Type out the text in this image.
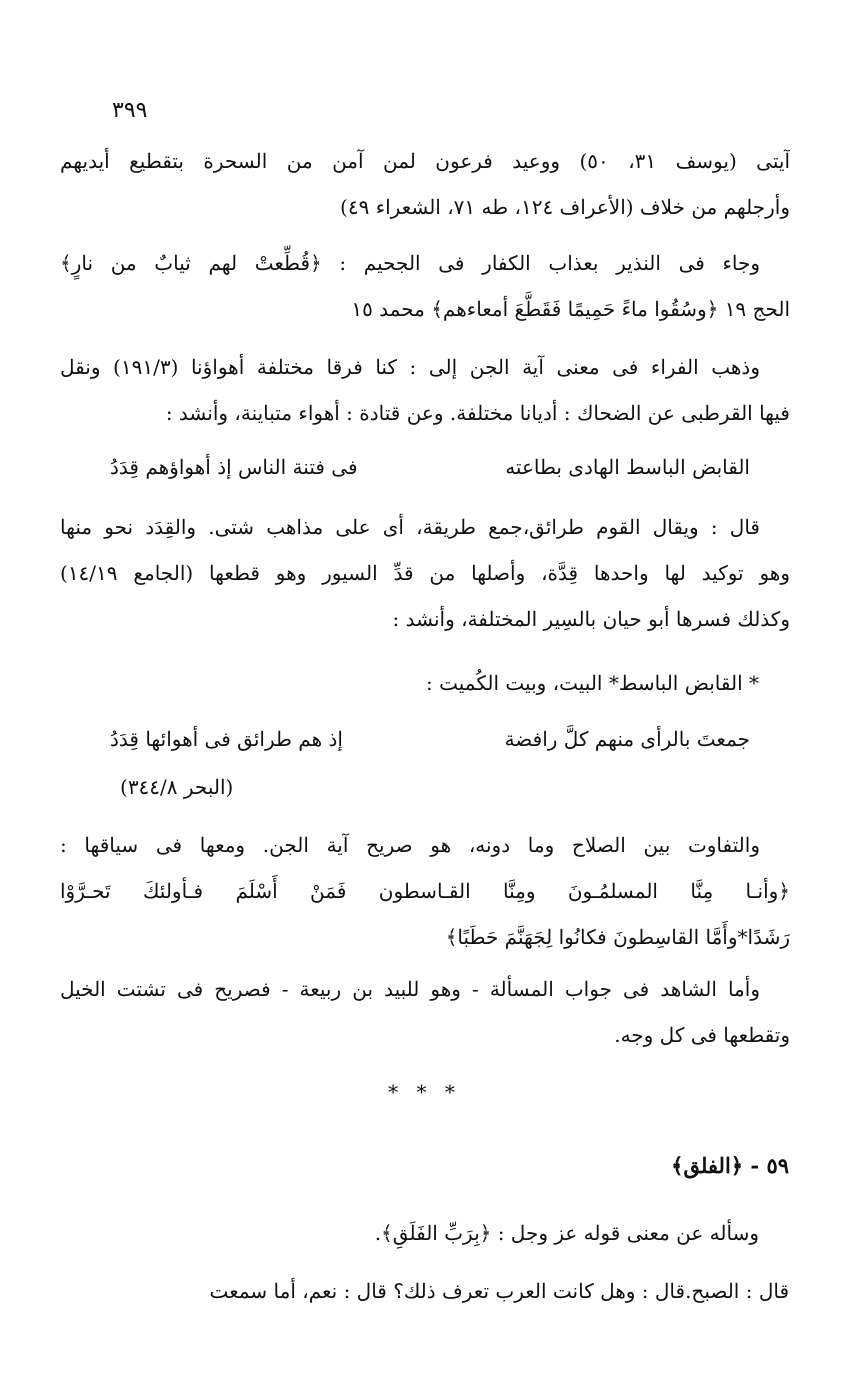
٣٩٩
آيتى (يوسف ٣١، ٥٠) ووعيد فرعون لمن آمن من السحرة بتقطيع أيديهم
وأرجلهم من خلاف (الأعراف ١٢٤، طه ٧١، الشعراء ٤٩)
وجاء فى النذير بعذاب الكفار فى الجحيم : ﴿قُطِّعتْ لهم ثيابٌ من نارٍ﴾
الحج ١٩ ﴿وسُقُوا ماءً حَمِيمًا فَقَطَّعَ أمعاءهم﴾ محمد ١٥
وذهب الفراء فى معنى آية الجن إلى : كنا فرقا مختلفة أهواؤنا (١٩١/٣) ونقل
فيها القرطبى عن الضحاك : أديانا مختلفة. وعن قتادة : أهواء متباينة، وأنشد :
القابض الباسط الهادى بطاعته
فى فتنة الناس إذ أهواؤهم قِدَدُ
قال : ويقال القوم طرائق،جمع طريقة، أى على مذاهب شتى. والقِدَد نحو منها
وهو توكيد لها واحدها قِدَّة، وأصلها من قدِّ السيور وهو قطعها (الجامع ١٤/١٩)
وكذلك فسرها أبو حيان بالسِير المختلفة، وأنشد :
* القابض الباسط* البيت، وبيت الكُميت :
جمعتَ بالرأى منهم كلَّ رافضة
إذ هم طرائق فى أهوائها قِدَدُ
(البحر ٣٤٤/٨)
والتفاوت بين الصلاح وما دونه، هو صريح آية الجن. ومعها فى سياقها :
﴿وأنـا مِنَّا المسلمُـونَ ومِنَّا القـاسطون فَمَنْ أَسْلَمَ فـأولئكَ تَحـرَّوْا
رَشَدًا*وأَمَّا القاسِطونَ فكانُوا لِجَهَنَّمَ حَطَبًا﴾
وأما الشاهد فى جواب المسألة - وهو للبيد بن ربيعة - فصريح فى تشتت الخيل
وتقطعها فى كل وجه.
* * *
٥٩ - ﴿الفلق﴾
وسأله عن معنى قوله عز وجل : ﴿بِرَبِّ الفَلَقِ﴾.
قال : الصبح.قال : وهل كانت العرب تعرف ذلك؟ قال : نعم، أما سمعت
